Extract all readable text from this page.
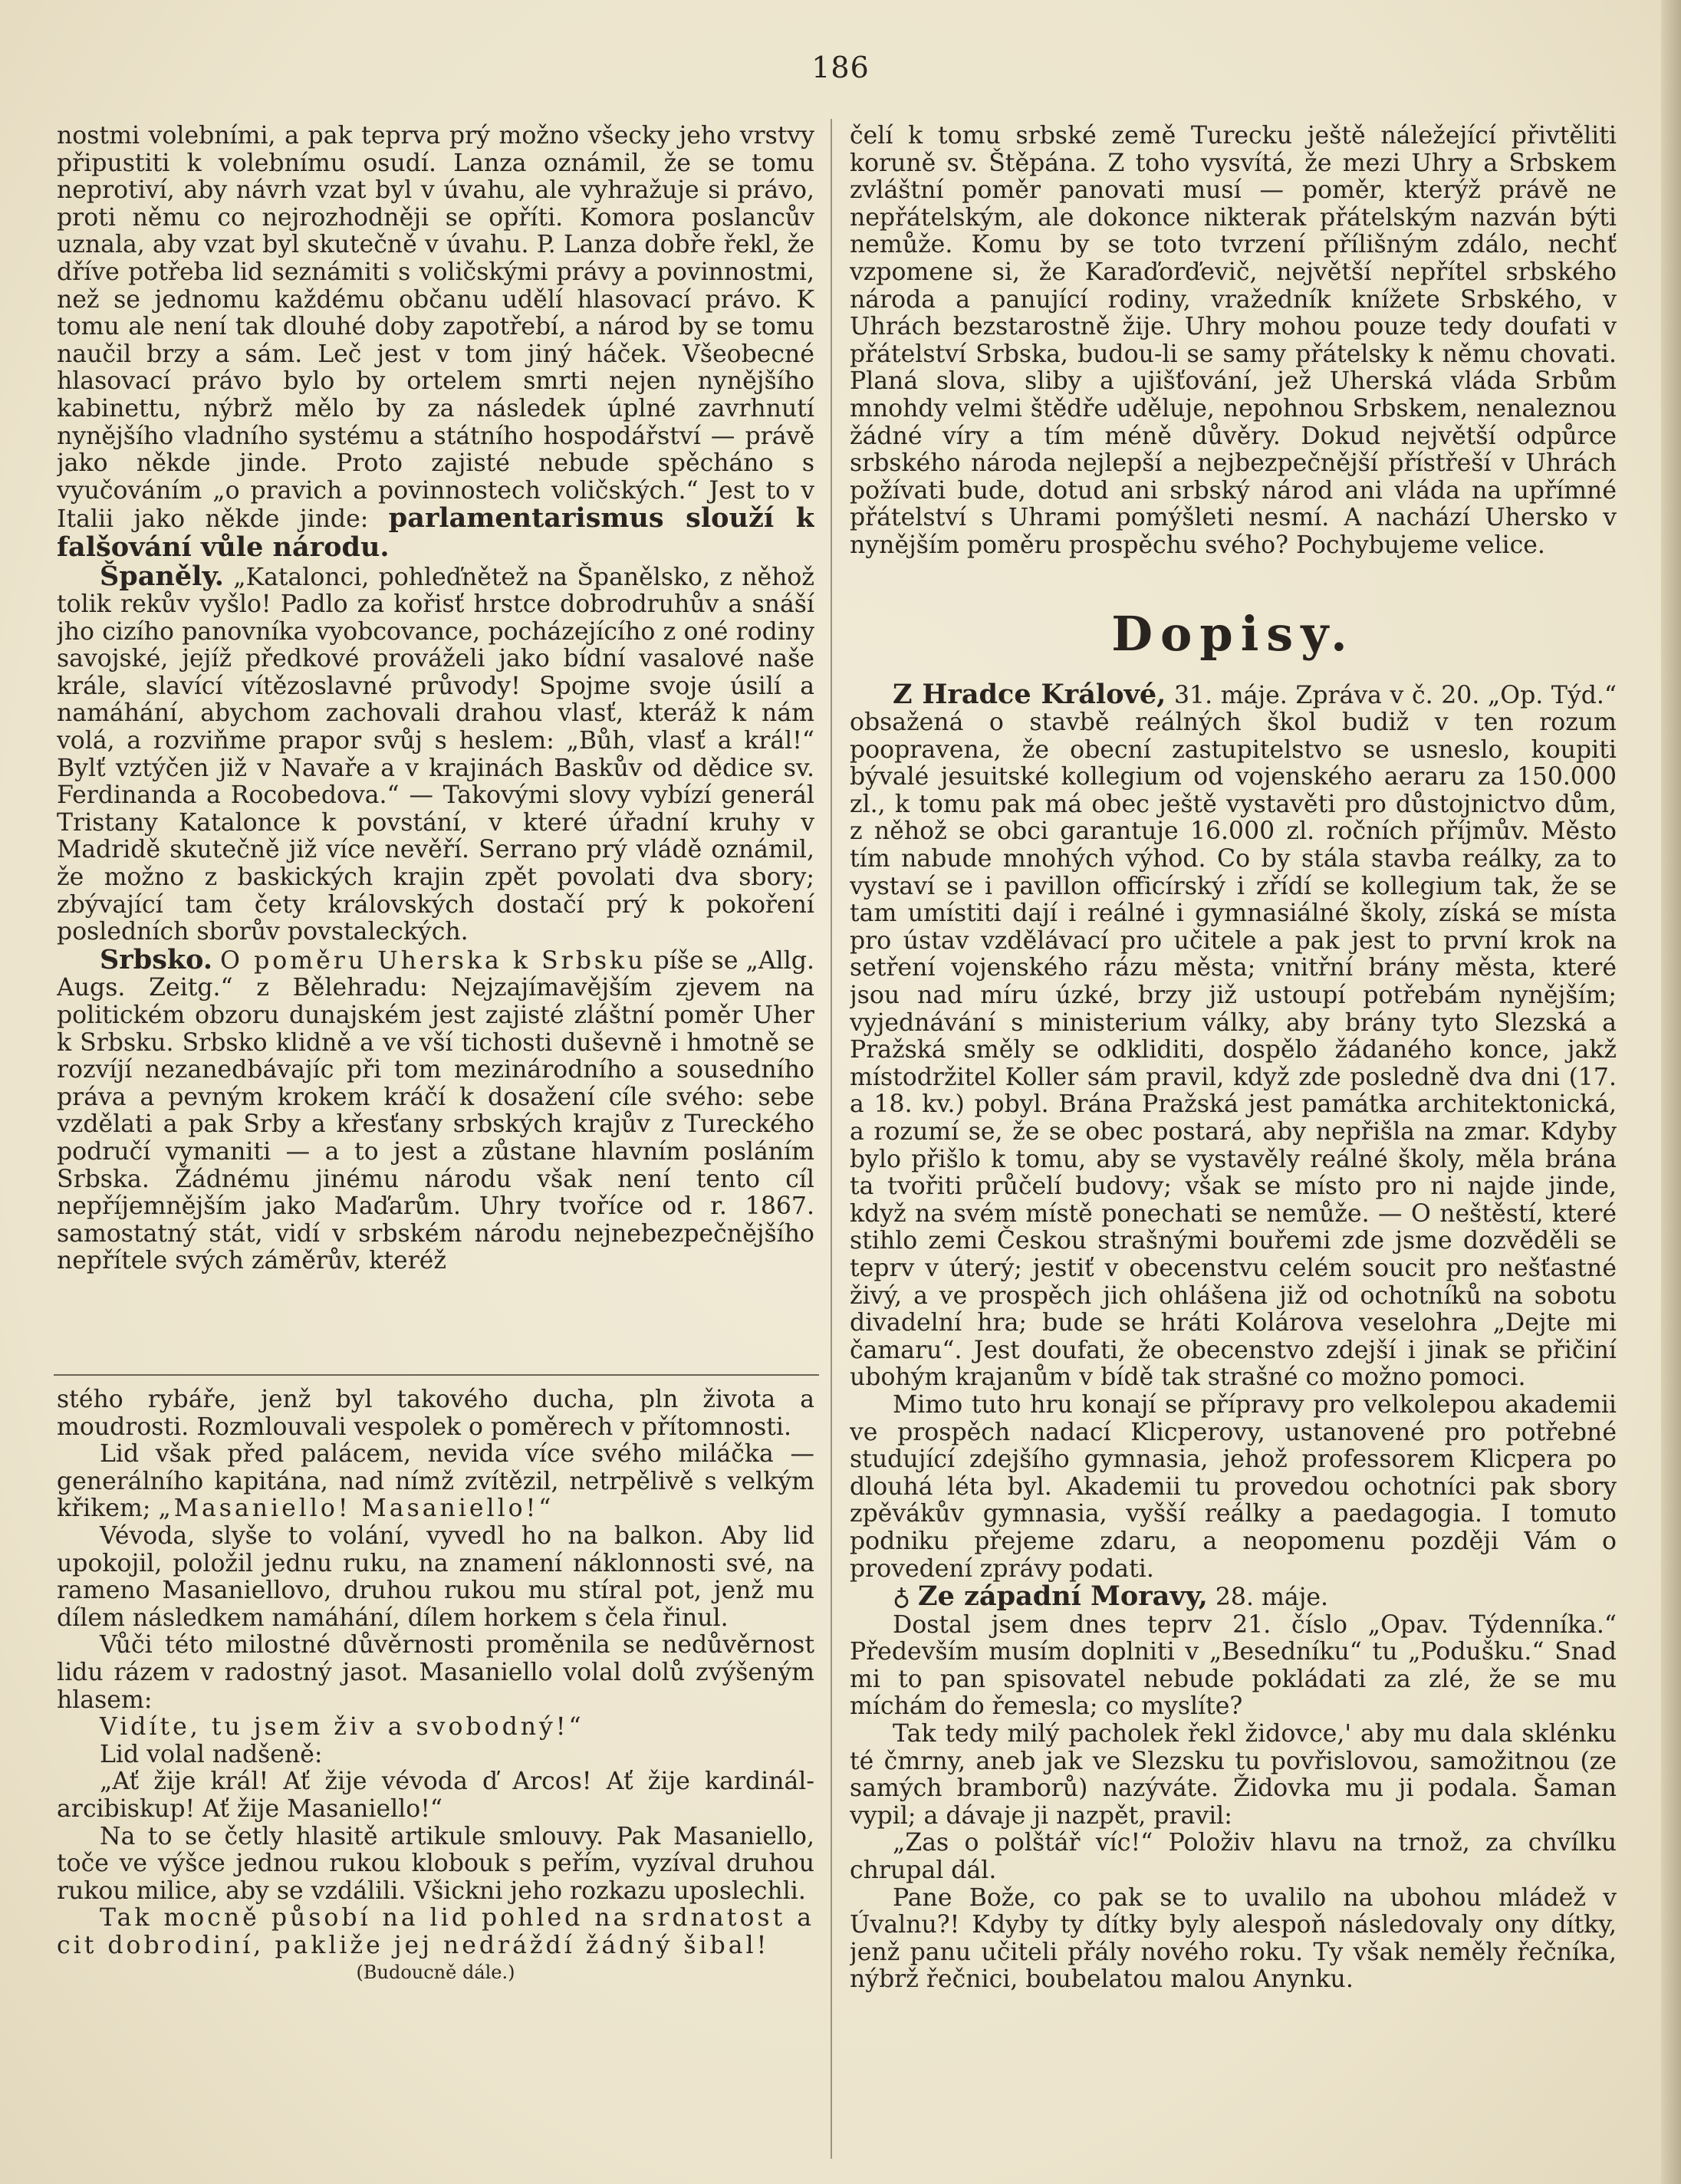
186

nostmi volebními, a pak teprva prý možno všecky jeho vrstvy připustiti k volebnímu osudí. Lanza oznámil, že se tomu neprotiví, aby návrh vzat byl v úvahu, ale vyhražuje si právo, proti němu co nejrozhodněji se opříti. Komora poslancův uznala, aby vzat byl skutečně v úvahu. P. Lanza dobře řekl, že dříve potřeba lid seznámiti s voličskými právy a povinnostmi, než se jednomu každému občanu udělí hlasovací právo. K tomu ale není tak dlouhé doby zapotřebí, a národ by se tomu naučil brzy a sám. Leč jest v tom jiný háček. Všeobecné hlasovací právo bylo by ortelem smrti nejen nynějšího kabinettu, nýbrž mělo by za následek úplné zavrhnutí nynějšího vladního systému a státního hospodářství — právě jako někde jinde. Proto zajisté nebude spěcháno s vyučováním „o pravich a povinnostech voličských.“ Jest to v Italii jako někde jinde: parlamentarismus slouží k falšování vůle národu.

Španěly. „Katalonci, pohleďnětež na Španělsko, z něhož tolik rekův vyšlo! Padlo za kořisť hrstce dobrodruhův a snáší jho cizího panovníka vyobcovance, pocházejícího z oné rodiny savojské, jejíž předkové prováželi jako bídní vasalové naše krále, slavící vítězoslavné průvody! Spojme svoje úsilí a namáhání, abychom zachovali drahou vlasť, kteráž k nám volá, a rozviňme prapor svůj s heslem: „Bůh, vlasť a král!“ Bylť vztýčen již v Navaře a v krajinách Baskův od dědice sv. Ferdinanda a Rocobedova.“ — Takovými slovy vybízí generál Tristany Katalonce k povstání, v které úřadní kruhy v Madridě skutečně již více nevěří. Serrano prý vládě oznámil, že možno z baskických krajin zpět povolati dva sbory; zbývající tam čety královských dostačí prý k pokoření posledních sborův povstaleckých.

Srbsko. O poměru Uherska k Srbsku píše se „Allg. Augs. Zeitg.“ z Bělehradu: Nejzajímavějším zjevem na politickém obzoru dunajském jest zajisté zláštní poměr Uher k Srbsku. Srbsko klidně a ve vší tichosti duševně i hmotně se rozvíjí nezanedbávajíc při tom mezinárodního a sousedního práva a pevným krokem kráčí k dosažení cíle svého: sebe vzdělati a pak Srby a křesťany srbských krajův z Tureckého područí vymaniti — a to jest a zůstane hlavním posláním Srbska. Žádnému jinému národu však není tento cíl nepříjemnějším jako Maďarům. Uhry tvoříce od r. 1867. samostatný stát, vidí v srbském národu nejnebezpečnějšího nepřítele svých záměrův, kteréž

stého rybáře, jenž byl takového ducha, pln života a moudrosti. Rozmlouvali vespolek o poměrech v přítomnosti.

Lid však před palácem, nevida více svého miláčka — generálního kapitána, nad nímž zvítězil, netrpělivě s velkým křikem; „Masaniello! Masaniello!“

Vévoda, slyše to volání, vyvedl ho na balkon. Aby lid upokojil, položil jednu ruku, na znamení náklonnosti své, na rameno Masaniellovo, druhou rukou mu stíral pot, jenž mu dílem následkem namáhání, dílem horkem s čela řinul.

Vůči této milostné důvěrnosti proměnila se nedůvěrnost lidu rázem v radostný jasot. Masaniello volal dolů zvýšeným hlasem:

Vidíte, tu jsem živ a svobodný!“

Lid volal nadšeně:

„Ať žije král! Ať žije vévoda ď Arcos! Ať žije kardinál-arcibiskup! Ať žije Masaniello!“

Na to se četly hlasitě artikule smlouvy. Pak Masaniello, toče ve výšce jednou rukou klobouk s peřím, vyzíval druhou rukou milice, aby se vzdálili. Všickni jeho rozkazu uposlechli.

Tak mocně působí na lid pohled na srdnatost a cit dobrodiní, pakliže jej nedráždí žádný šibal!

(Budoucně dále.)

čelí k tomu srbské země Turecku ještě náležející přivtěliti koruně sv. Štěpána. Z toho vysvítá, že mezi Uhry a Srbskem zvláštní poměr panovati musí — poměr, kterýž právě ne nepřátelským, ale dokonce nikterak přátelským nazván býti nemůže. Komu by se toto tvrzení přílišným zdálo, nechť vzpomene si, že Karaďorďevič, největší nepřítel srbského národa a panující rodiny, vražedník knížete Srbského, v Uhrách bezstarostně žije. Uhry mohou pouze tedy doufati v přátelství Srbska, budou-li se samy přátelsky k němu chovati. Planá slova, sliby a ujišťování, jež Uherská vláda Srbům mnohdy velmi štědře uděluje, nepohnou Srbskem, nenaleznou žádné víry a tím méně důvěry. Dokud největší odpůrce srbského národa nejlepší a nejbezpečnější přístřeší v Uhrách požívati bude, dotud ani srbský národ ani vláda na upřímné přátelství s Uhrami pomýšleti nesmí. A nachází Uhersko v nynějším poměru prospěchu svého? Pochybujeme velice.

Dopisy.

Z Hradce Králové, 31. máje. Zpráva v č. 20. „Op. Týd.“ obsažená o stavbě reálných škol budiž v ten rozum poopravena, že obecní zastupitelstvo se usneslo, koupiti bývalé jesuitské kollegium od vojenského aeraru za 150.000 zl., k tomu pak má obec ještě vystavěti pro důstojnictvo dům, z něhož se obci garantuje 16.000 zl. ročních příjmův. Město tím nabude mnohých výhod. Co by stála stavba reálky, za to vystaví se i pavillon officírský i zřídí se kollegium tak, že se tam umístiti dají i reálné i gymnasiálné školy, získá se místa pro ústav vzdělávací pro učitele a pak jest to první krok na setření vojenského rázu města; vnitřní brány města, které jsou nad míru úzké, brzy již ustoupí potřebám nynějším; vyjednávání s ministerium války, aby brány tyto Slezská a Pražská směly se odkliditi, dospělo žádaného konce, jakž místodržitel Koller sám pravil, když zde posledně dva dni (17. a 18. kv.) pobyl. Brána Pražská jest památka architektonická, a rozumí se, že se obec postará, aby nepřišla na zmar. Kdyby bylo přišlo k tomu, aby se vystavěly reálné školy, měla brána ta tvořiti průčelí budovy; však se místo pro ni najde jinde, když na svém místě ponechati se nemůže. — O neštěstí, které stihlo zemi Českou strašnými bouřemi zde jsme dozvěděli se teprv v úterý; jestiť v obecenstvu celém soucit pro nešťastné živý, a ve prospěch jich ohlášena již od ochotníků na sobotu divadelní hra; bude se hráti Kolárova veselohra „Dejte mi čamaru“. Jest doufati, že obecenstvo zdejší i jinak se přičiní ubohým krajanům v bídě tak strašné co možno pomoci.

Mimo tuto hru konají se přípravy pro velkolepou akademii ve prospěch nadací Klicperovy, ustanovené pro potřebné studující zdejšího gymnasia, jehož professorem Klicpera po dlouhá léta byl. Akademii tu provedou ochotníci pak sbory zpěvákův gymnasia, vyšší reálky a paedagogia. I tomuto podniku přejeme zdaru, a neopomenu později Vám o provedení zprávy podati.

♁ Ze západní Moravy, 28. máje.

Dostal jsem dnes teprv 21. číslo „Opav. Týdenníka.“ Především musím doplniti v „Besedníku“ tu „Podušku.“ Snad mi to pan spisovatel nebude pokládati za zlé, že se mu míchám do řemesla; co myslíte?

Tak tedy milý pacholek řekl židovce,' aby mu dala sklénku té čmrny, aneb jak ve Slezsku tu povřislovou, samožitnou (ze samých bramborů) nazýváte. Židovka mu ji podala. Šaman vypil; a dávaje ji nazpět, pravil:

„Zas o polštář víc!“ Položiv hlavu na trnož, za chvílku chrupal dál.

Pane Bože, co pak se to uvalilo na ubohou mládež v Úvalnu?! Kdyby ty dítky byly alespoň následovaly ony dítky, jenž panu učiteli přály nového roku. Ty však neměly řečníka, nýbrž řečnici, boubelatou malou Anynku.
